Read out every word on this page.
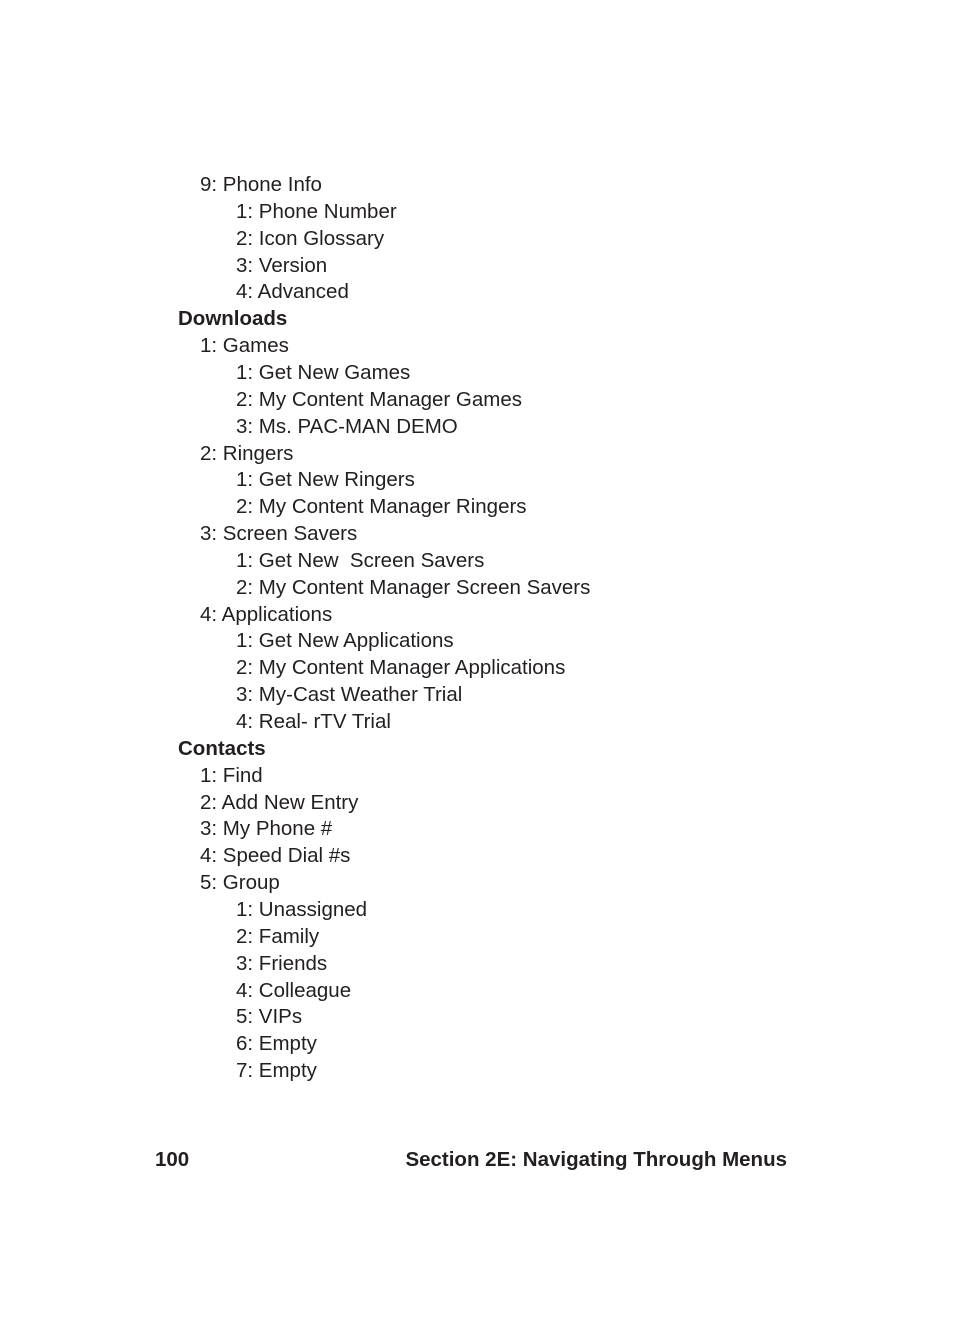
9: Phone Info
1: Phone Number
2: Icon Glossary
3: Version
4: Advanced
Downloads
1: Games
1: Get New Games
2: My Content Manager Games
3: Ms. PAC-MAN DEMO
2: Ringers
1: Get New Ringers
2: My Content Manager Ringers
3: Screen Savers
1: Get New  Screen Savers
2: My Content Manager Screen Savers
4: Applications
1: Get New Applications
2: My Content Manager Applications
3: My-Cast Weather Trial
4: Real- rTV Trial
Contacts
1: Find
2: Add New Entry
3: My Phone #
4: Speed Dial #s
5: Group
1: Unassigned
2: Family
3: Friends
4: Colleague
5: VIPs
6: Empty
7: Empty
100	Section 2E: Navigating Through Menus
